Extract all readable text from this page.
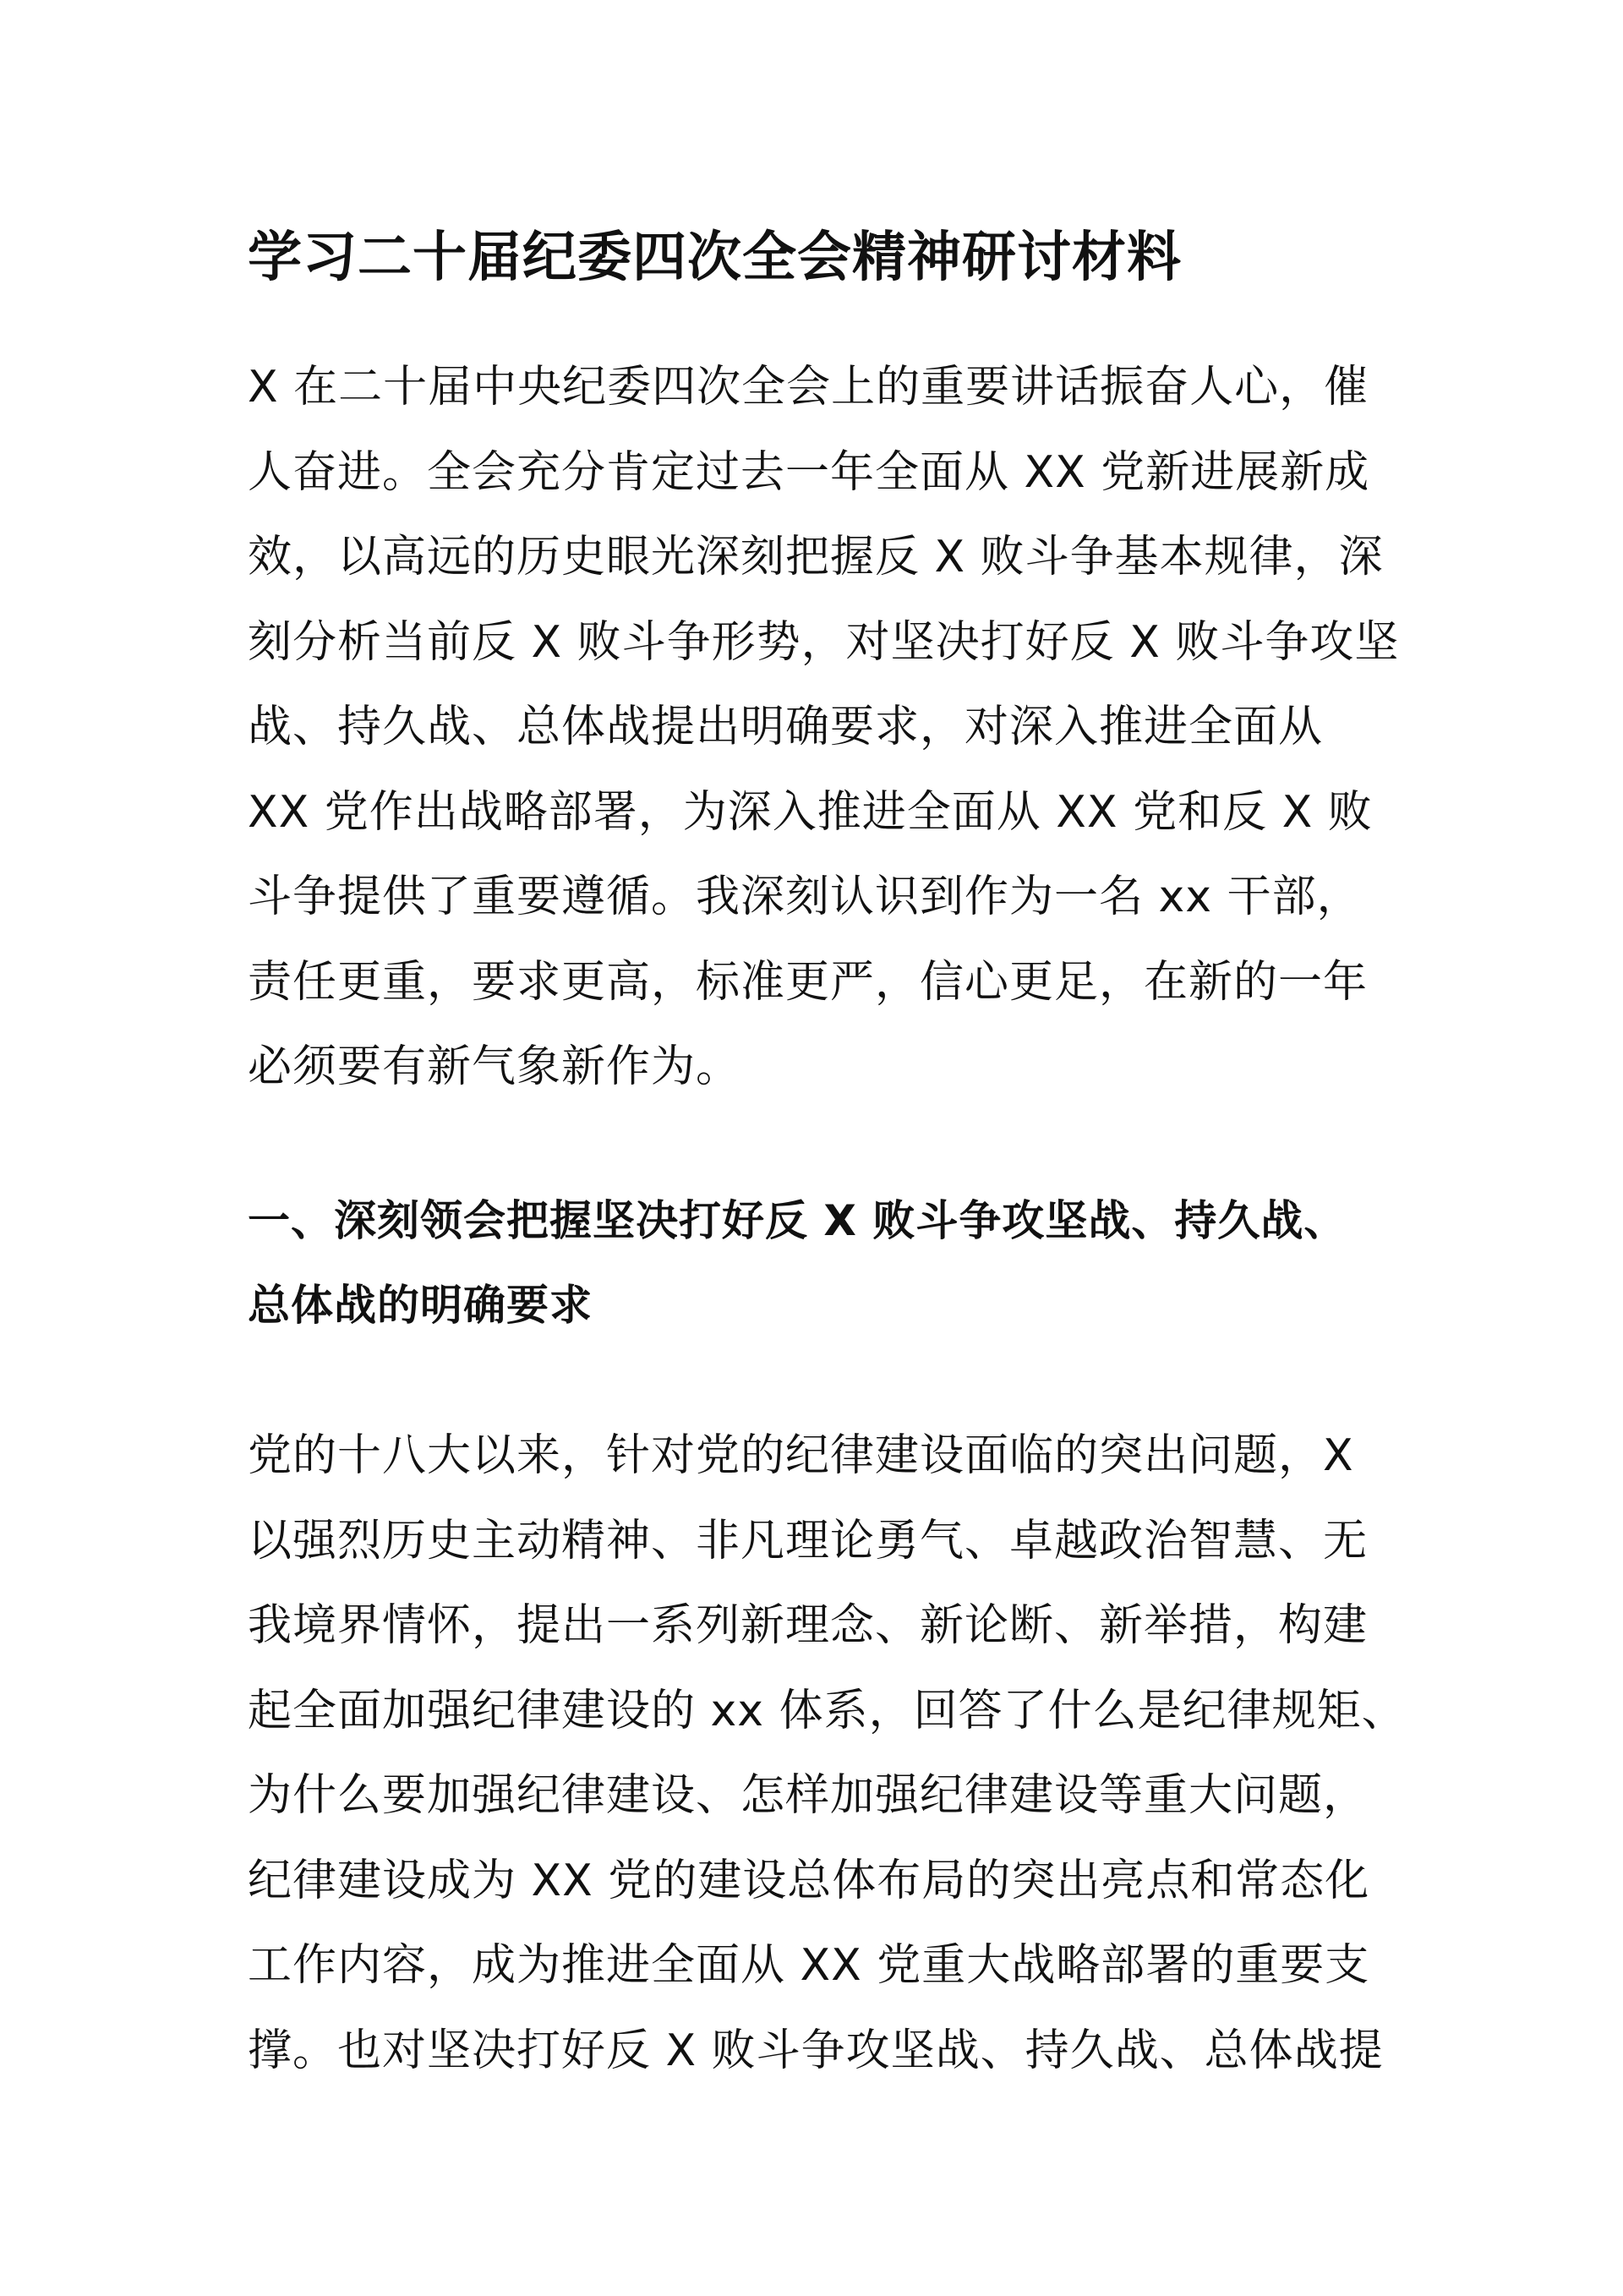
学习二十届纪委四次全会精神研讨材料

X 在二十届中央纪委四次全会上的重要讲话振奋人心，催
人奋进。全会充分肯定过去一年全面从 XX 党新进展新成
效，以高远的历史眼光深刻把握反 X 败斗争基本规律，深
刻分析当前反 X 败斗争形势，对坚决打好反 X 败斗争攻坚
战、持久战、总体战提出明确要求，对深入推进全面从
XX 党作出战略部署，为深入推进全面从 XX 党和反 X 败
斗争提供了重要遵循。我深刻认识到作为一名 xx 干部，
责任更重，要求更高，标准更严，信心更足，在新的一年
必须要有新气象新作为。

一、深刻领会把握坚决打好反 X 败斗争攻坚战、持久战、
总体战的明确要求

党的十八大以来，针对党的纪律建设面临的突出问题，X
以强烈历史主动精神、非凡理论勇气、卓越政治智慧、无
我境界情怀，提出一系列新理念、新论断、新举措，构建
起全面加强纪律建设的 xx 体系，回答了什么是纪律规矩、
为什么要加强纪律建设、怎样加强纪律建设等重大问题，
纪律建设成为 XX 党的建设总体布局的突出亮点和常态化
工作内容，成为推进全面从 XX 党重大战略部署的重要支
撑。也对坚决打好反 X 败斗争攻坚战、持久战、总体战提
